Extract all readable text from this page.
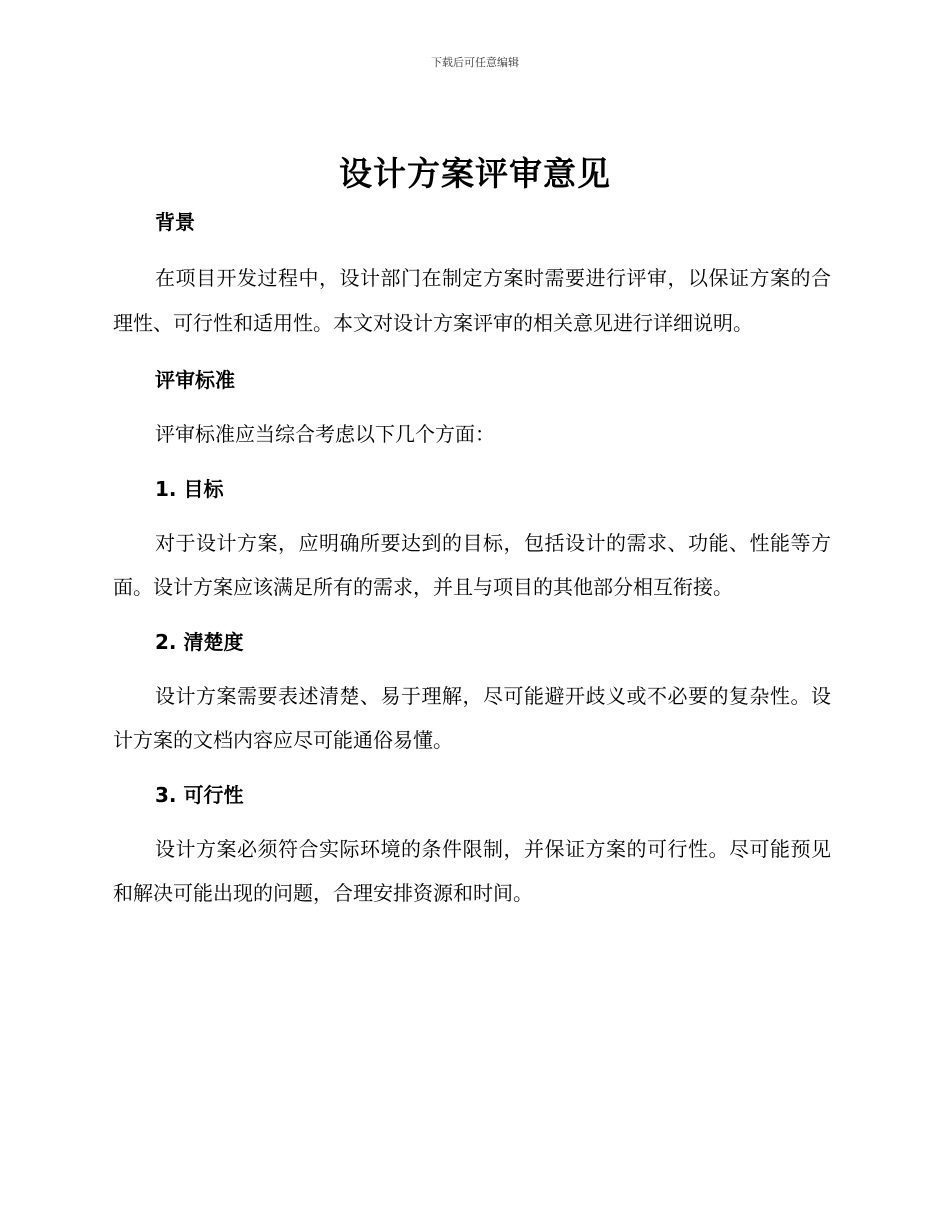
下载后可任意编辑
设计方案评审意见
背景

在项目开发过程中，设计部门在制定方案时需要进行评审，以保证方案的合理性、可行性和适用性。本文对设计方案评审的相关意见进行详细说明。

评审标准

评审标准应当综合考虑以下几个方面：

1. 目标

对于设计方案，应明确所要达到的目标，包括设计的需求、功能、性能等方面。设计方案应该满足所有的需求，并且与项目的其他部分相互衔接。

2. 清楚度

设计方案需要表述清楚、易于理解，尽可能避开歧义或不必要的复杂性。设计方案的文档内容应尽可能通俗易懂。

3. 可行性

设计方案必须符合实际环境的条件限制，并保证方案的可行性。尽可能预见和解决可能出现的问题，合理安排资源和时间。
